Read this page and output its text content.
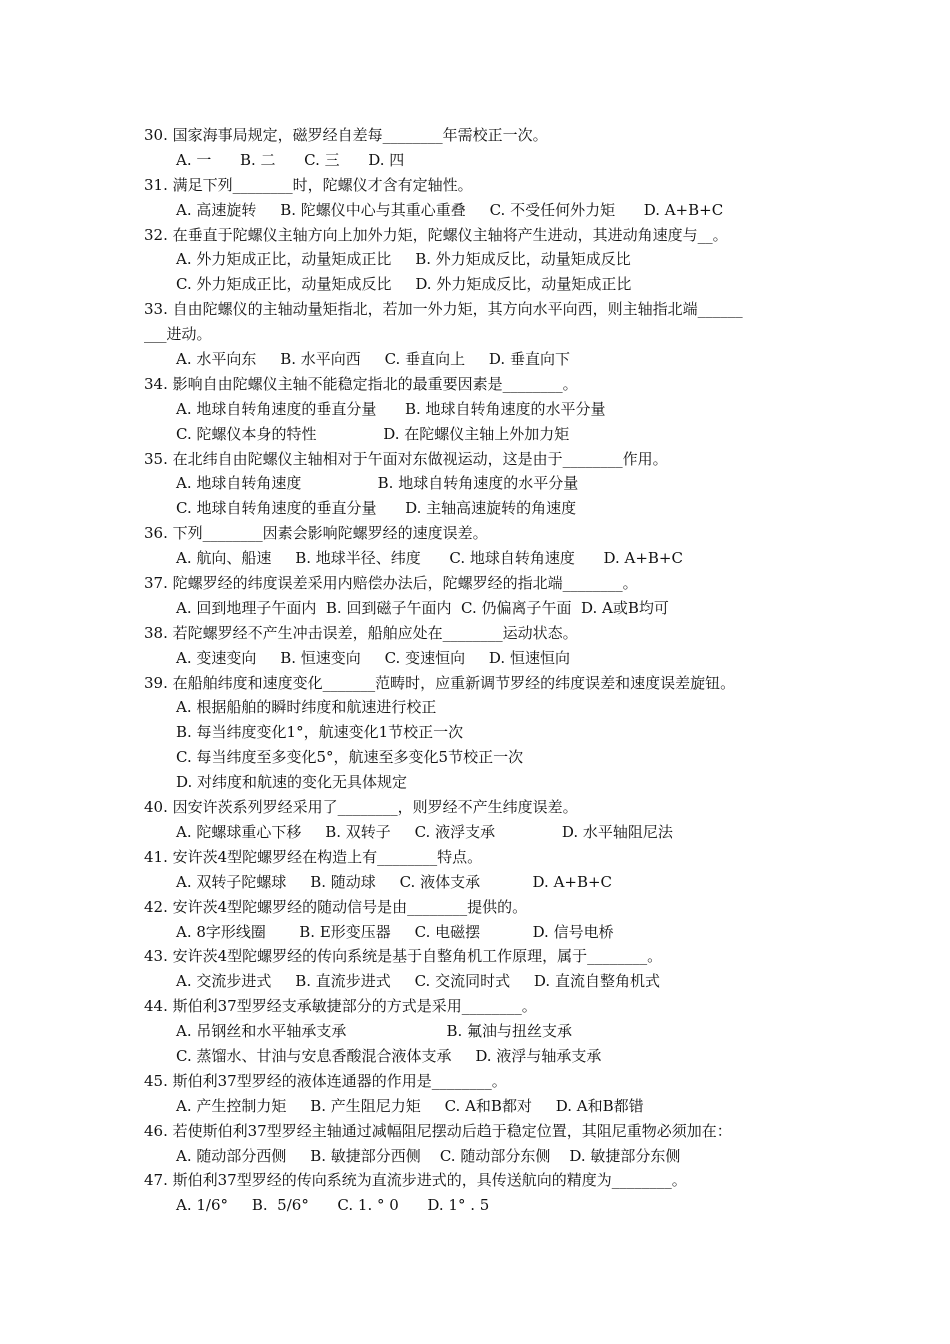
30. 国家海事局规定，磁罗经自差每________年需校正一次。
A. 一      B. 二      C. 三      D. 四
31. 满足下列________时，陀螺仪才含有定轴性。
A. 高速旋转     B. 陀螺仪中心与其重心重叠     C. 不受任何外力矩      D. A+B+C
32. 在垂直于陀螺仪主轴方向上加外力矩，陀螺仪主轴将产生进动，其进动角速度与__。
A. 外力矩成正比，动量矩成正比     B. 外力矩成反比，动量矩成反比
C. 外力矩成正比，动量矩成反比     D. 外力矩成反比，动量矩成正比
33. 自由陀螺仪的主轴动量矩指北，若加一外力矩，其方向水平向西，则主轴指北端______
___进动。
A. 水平向东     B. 水平向西     C. 垂直向上     D. 垂直向下
34. 影响自由陀螺仪主轴不能稳定指北的最重要因素是________。
A. 地球自转角速度的垂直分量      B. 地球自转角速度的水平分量
C. 陀螺仪本身的特性              D. 在陀螺仪主轴上外加力矩
35. 在北纬自由陀螺仪主轴相对于午面对东做视运动，这是由于________作用。
A. 地球自转角速度                B. 地球自转角速度的水平分量
C. 地球自转角速度的垂直分量      D. 主轴高速旋转的角速度
36. 下列________因素会影响陀螺罗经的速度误差。
A. 航向、船速     B. 地球半径、纬度      C. 地球自转角速度      D. A+B+C
37. 陀螺罗经的纬度误差采用内赔偿办法后，陀螺罗经的指北端________。
A. 回到地理子午面内  B. 回到磁子午面内  C. 仍偏离子午面  D. A或B均可
38. 若陀螺罗经不产生冲击误差，船舶应处在________运动状态。
A. 变速变向     B. 恒速变向     C. 变速恒向     D. 恒速恒向
39. 在船舶纬度和速度变化_______范畴时，应重新调节罗经的纬度误差和速度误差旋钮。
A. 根据船舶的瞬时纬度和航速进行校正
B. 每当纬度变化1°，航速变化1节校正一次
C. 每当纬度至多变化5°，航速至多变化5节校正一次
D. 对纬度和航速的变化无具体规定
40. 因安许茨系列罗经采用了________，则罗经不产生纬度误差。
A. 陀螺球重心下移     B. 双转子     C. 液浮支承              D. 水平轴阻尼法
41. 安许茨4型陀螺罗经在构造上有________特点。
A. 双转子陀螺球     B. 随动球     C. 液体支承           D. A+B+C
42. 安许茨4型陀螺罗经的随动信号是由________提供的。
A. 8字形线圈       B. E形变压器     C. 电磁摆           D. 信号电桥
43. 安许茨4型陀螺罗经的传向系统是基于自整角机工作原理，属于________。
A. 交流步进式     B. 直流步进式     C. 交流同时式     D. 直流自整角机式
44. 斯伯利37型罗经支承敏捷部分的方式是采用________。
A. 吊钢丝和水平轴承支承                     B. 氟油与扭丝支承
C. 蒸馏水、甘油与安息香酸混合液体支承     D. 液浮与轴承支承
45. 斯伯利37型罗经的液体连通器的作用是________。
A. 产生控制力矩     B. 产生阻尼力矩     C. A和B都对     D. A和B都错
46. 若使斯伯利37型罗经主轴通过减幅阻尼摆动后趋于稳定位置，其阻尼重物必须加在：
A. 随动部分西侧     B. 敏捷部分西侧    C. 随动部分东侧    D. 敏捷部分东侧
47. 斯伯利37型罗经的传向系统为直流步进式的，具传送航向的精度为________。
A. 1/6°     B.  5/6°      C. 1. ° 0      D. 1° . 5
